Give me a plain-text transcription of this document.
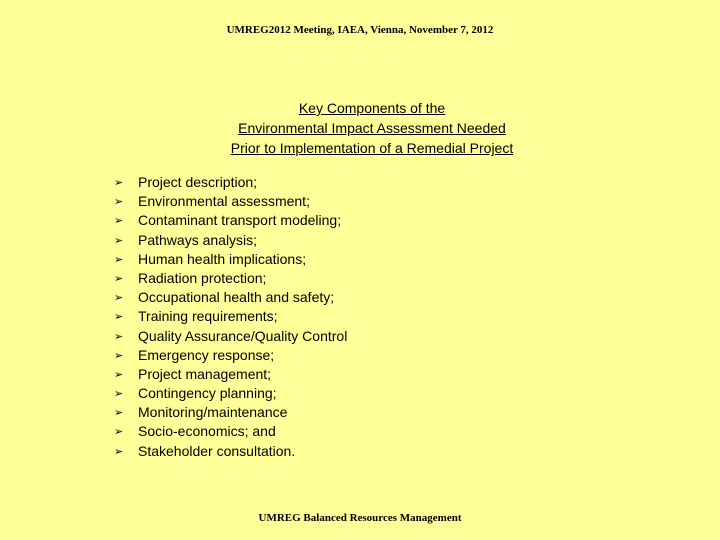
UMREG2012 Meeting, IAEA, Vienna, November 7, 2012
Key Components of the
Environmental Impact Assessment Needed
Prior to Implementation of a Remedial Project
➢	Project description;
➢	Environmental assessment;
➢	Contaminant transport modeling;
➢	Pathways analysis;
➢	Human health implications;
➢	Radiation protection;
➢	Occupational health and safety;
➢	Training requirements;
➢	Quality Assurance/Quality Control
➢	Emergency response;
➢	Project management;
➢	Contingency planning;
➢	Monitoring/maintenance
➢	Socio-economics; and
➢	Stakeholder consultation.
UMREG Balanced Resources Management
